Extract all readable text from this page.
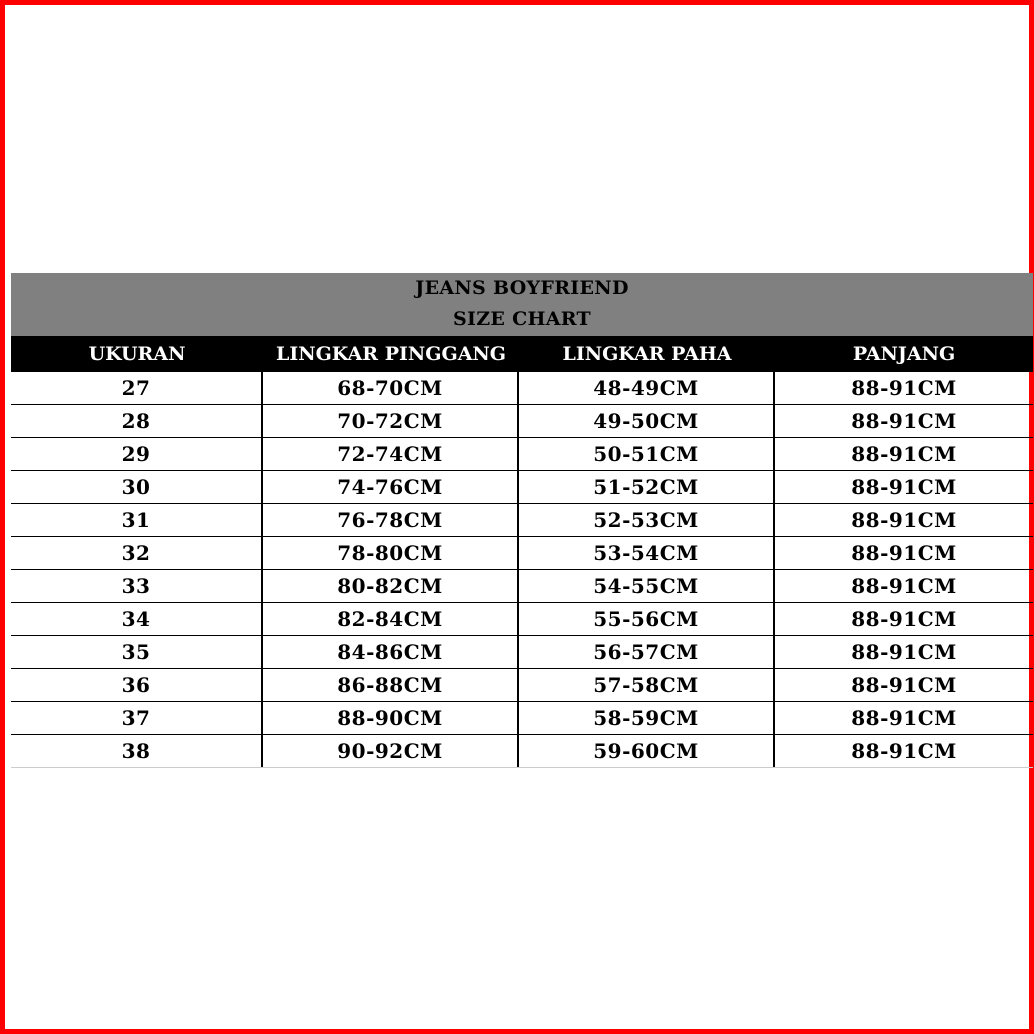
JEANS BOYFRIEND
SIZE CHART
UKURAN	LINGKAR PINGGANG	LINGKAR PAHA	PANJANG
27	68-70CM	48-49CM	88-91CM
28	70-72CM	49-50CM	88-91CM
29	72-74CM	50-51CM	88-91CM
30	74-76CM	51-52CM	88-91CM
31	76-78CM	52-53CM	88-91CM
32	78-80CM	53-54CM	88-91CM
33	80-82CM	54-55CM	88-91CM
34	82-84CM	55-56CM	88-91CM
35	84-86CM	56-57CM	88-91CM
36	86-88CM	57-58CM	88-91CM
37	88-90CM	58-59CM	88-91CM
38	90-92CM	59-60CM	88-91CM
